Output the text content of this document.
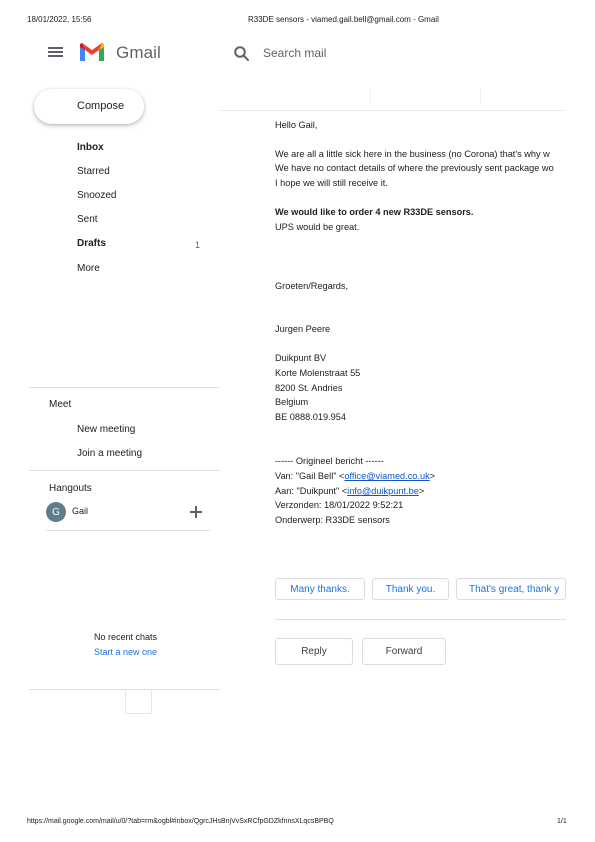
18/01/2022, 15:56	R33DE sensors - viamed.gail.bell@gmail.com - Gmail
Gmail	Search mail
Compose
Inbox
Starred
Snoozed
Sent
Drafts	1
More
Meet
New meeting
Join a meeting
Hangouts
G	Gail
No recent chats
Start a new one
Hello Gail,
We are all a little sick here in the business (no Corona) that's why w
We have no contact details of where the previously sent package wo
I hope we will still receive it.
We would like to order 4 new R33DE sensors.
UPS would be great.
Groeten/Regards,
Jurgen Peere
Duikpunt BV
Korte Molenstraat 55
8200 St. Andries
Belgium
BE 0888.019.954
------ Origineel bericht ------
Van: "Gail Bell" <office@viamed.co.uk>
Aan: "Duikpunt" <info@duikpunt.be>
Verzonden: 18/01/2022 9:52:21
Onderwerp: R33DE sensors
Many thanks.	Thank you.	That's great, thank y
Reply	Forward
https://mail.google.com/mail/u/0/?tab=rm&ogbl#inbox/QgrcJHsBnjVvSxRCfpGDZkfnnsXLqcsBPBQ	1/1
